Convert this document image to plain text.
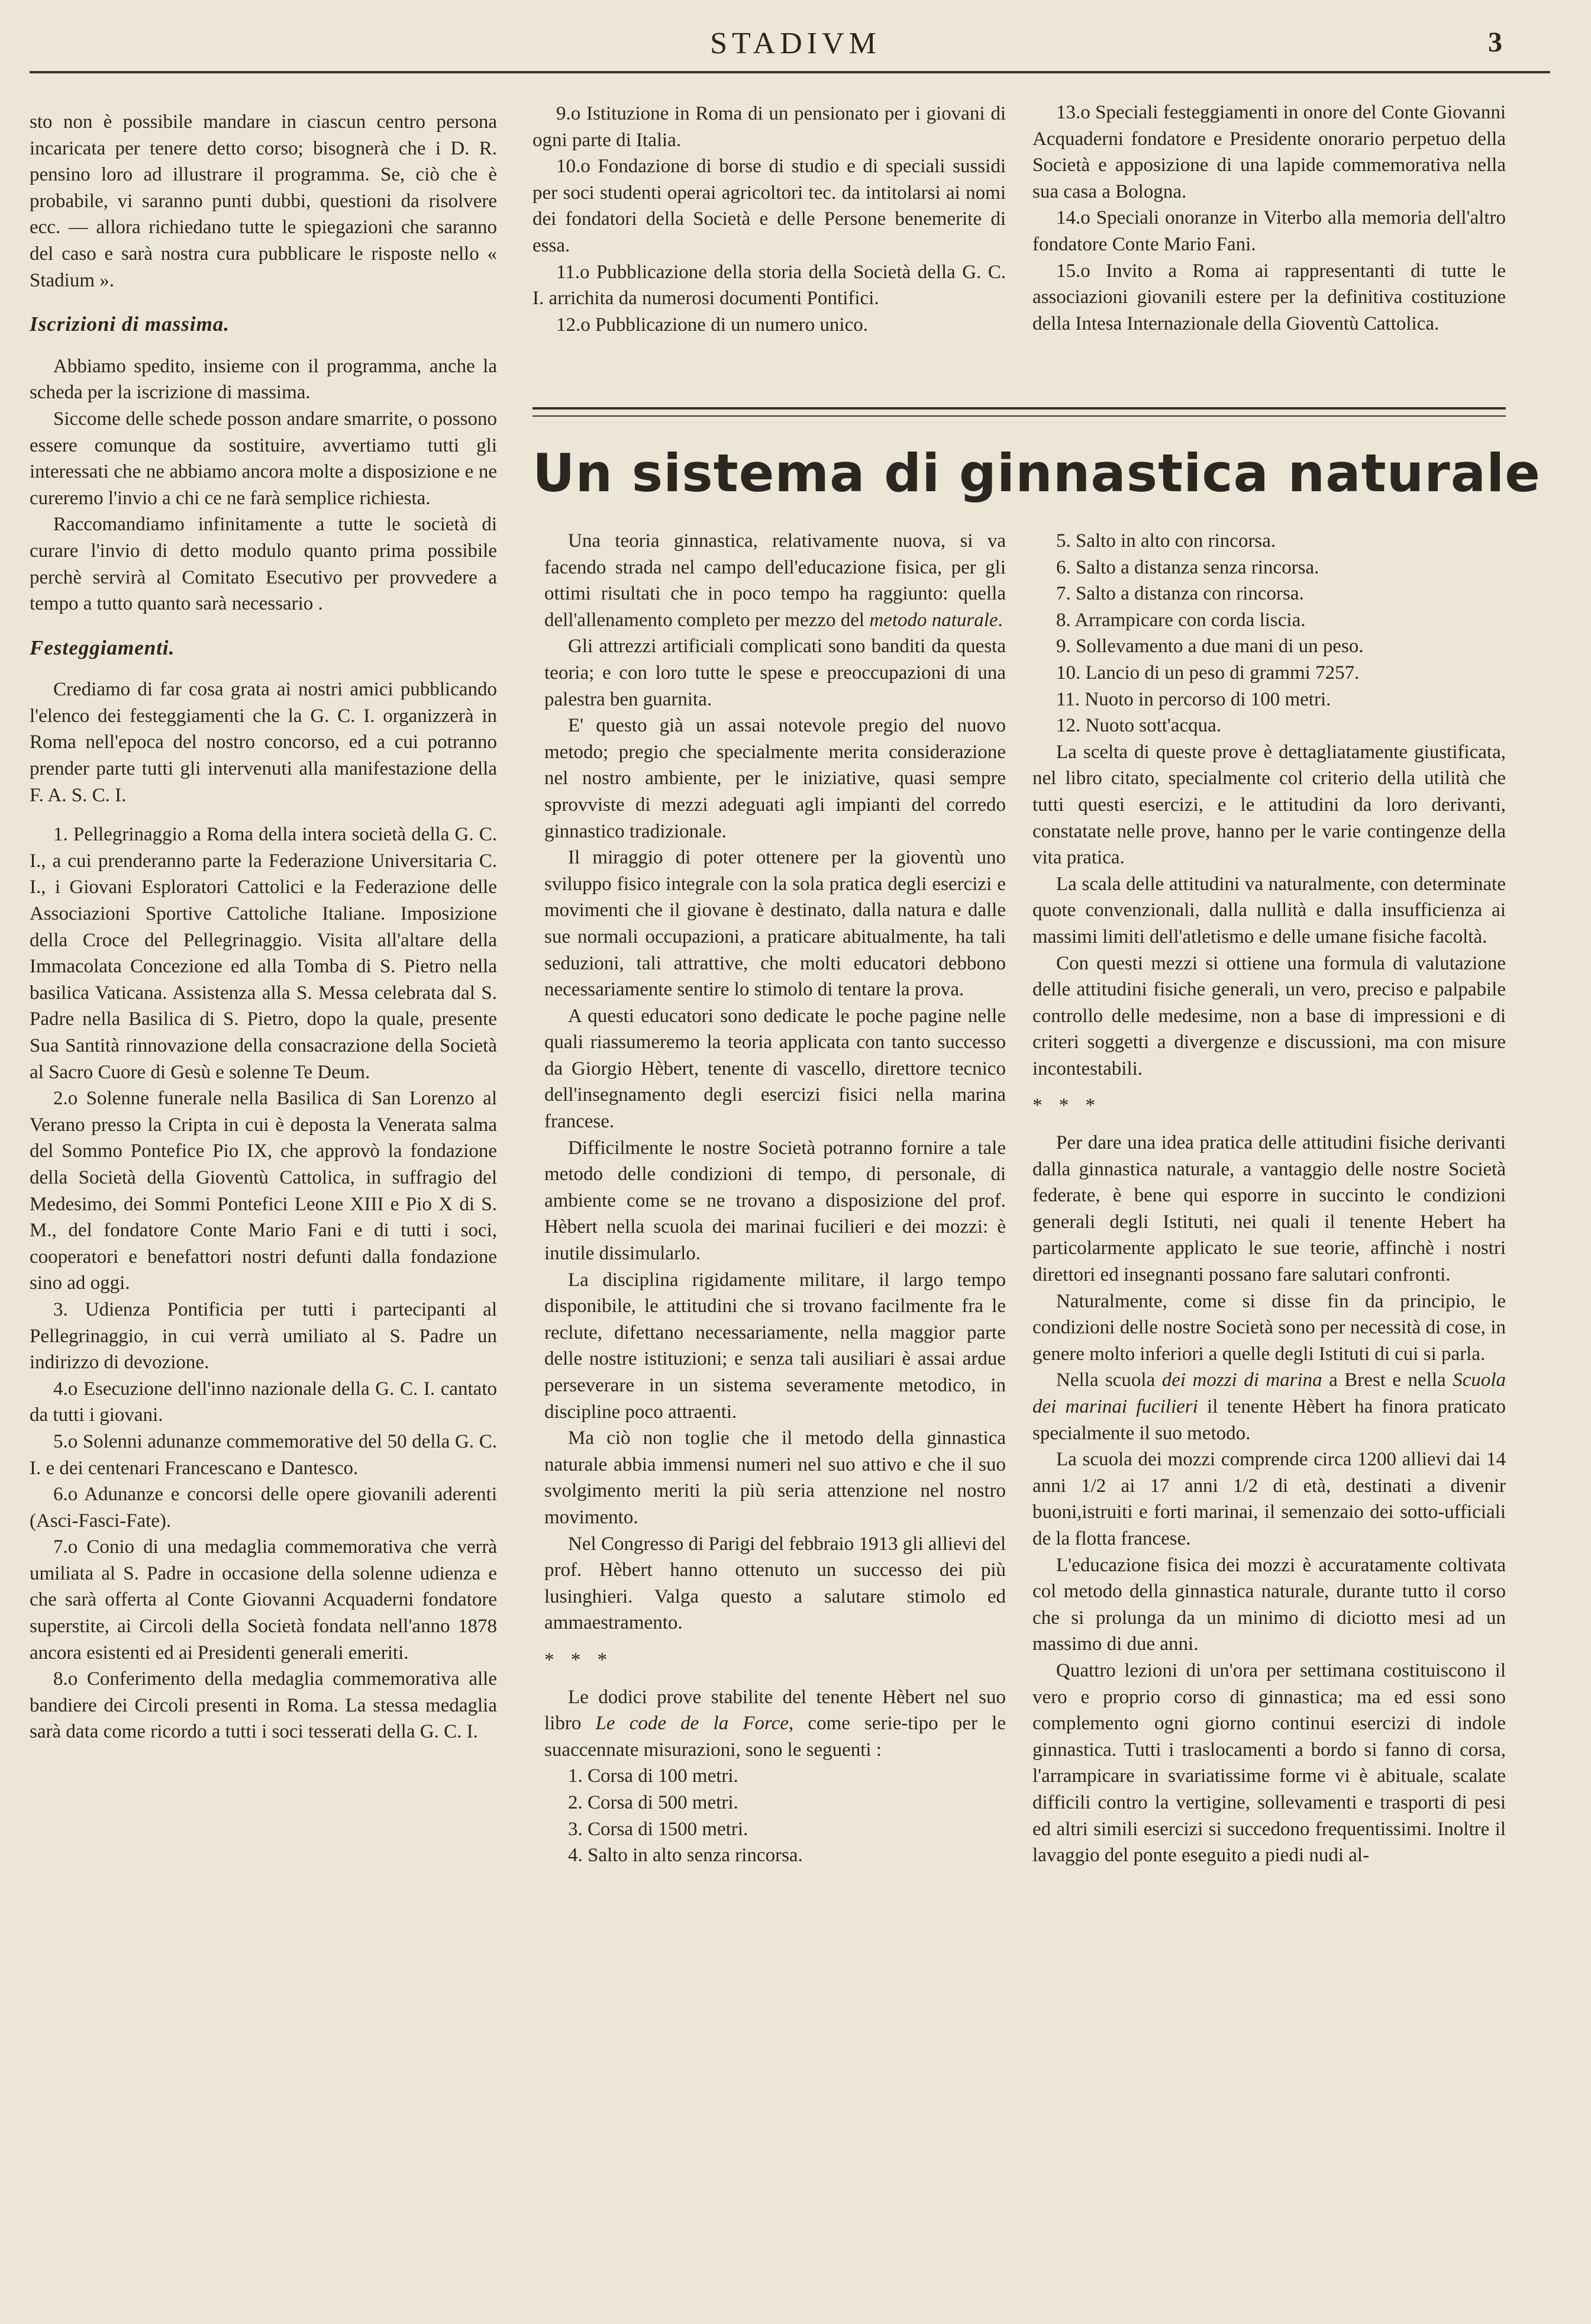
STADIVM	3

sto non è possibile mandare in ciascun centro persona incaricata per tenere detto corso; bisognerà che i D. R. pensino loro ad illustrare il programma. Se, ciò che è probabile, vi saranno punti dubbi, questioni da risolvere ecc. — allora richiedano tutte le spiegazioni che saranno del caso e sarà nostra cura pubblicare le risposte nello « Stadium ».

Iscrizioni di massima.

Abbiamo spedito, insieme con il programma, anche la scheda per la iscrizione di massima.

Siccome delle schede posson andare smarrite, o possono essere comunque da sostituire, avvertiamo tutti gli interessati che ne abbiamo ancora molte a disposizione e ne cureremo l'invio a chi ce ne farà semplice richiesta.

Raccomandiamo infinitamente a tutte le società di curare l'invio di detto modulo quanto prima possibile perchè servirà al Comitato Esecutivo per provvedere a tempo a tutto quanto sarà necessario .

Festeggiamenti.

Crediamo di far cosa grata ai nostri amici pubblicando l'elenco dei festeggiamenti che la G. C. I. organizzerà in Roma nell'epoca del nostro concorso, ed a cui potranno prender parte tutti gli intervenuti alla manifestazione della F. A. S. C. I.

1. Pellegrinaggio a Roma della intera società della G. C. I., a cui prenderanno parte la Federazione Universitaria C. I., i Giovani Esploratori Cattolici e la Federazione delle Associazioni Sportive Cattoliche Italiane. Imposizione della Croce del Pellegrinaggio. Visita all'altare della Immacolata Concezione ed alla Tomba di S. Pietro nella basilica Vaticana. Assistenza alla S. Messa celebrata dal S. Padre nella Basilica di S. Pietro, dopo la quale, presente Sua Santità rinnovazione della consacrazione della Società al Sacro Cuore di Gesù e solenne Te Deum.

2.o Solenne funerale nella Basilica di San Lorenzo al Verano presso la Cripta in cui è deposta la Venerata salma del Sommo Pontefice Pio IX, che approvò la fondazione della Società della Gioventù Cattolica, in suffragio del Medesimo, dei Sommi Pontefici Leone XIII e Pio X di S. M., del fondatore Conte Mario Fani e di tutti i soci, cooperatori e benefattori nostri defunti dalla fondazione sino ad oggi.

3. Udienza Pontificia per tutti i partecipanti al Pellegrinaggio, in cui verrà umiliato al S. Padre un indirizzo di devozione.

4.o Esecuzione dell'inno nazionale della G. C. I. cantato da tutti i giovani.

5.o Solenni adunanze commemorative del 50 della G. C. I. e dei centenari Francescano e Dantesco.

6.o Adunanze e concorsi delle opere giovanili aderenti (Asci-Fasci-Fate).

7.o Conio di una medaglia commemorativa che verrà umiliata al S. Padre in occasione della solenne udienza e che sarà offerta al Conte Giovanni Acquaderni fondatore superstite, ai Circoli della Società fondata nell'anno 1878 ancora esistenti ed ai Presidenti generali emeriti.

8.o Conferimento della medaglia commemorativa alle bandiere dei Circoli presenti in Roma. La stessa medaglia sarà data come ricordo a tutti i soci tesserati della G. C. I.

9.o Istituzione in Roma di un pensionato per i giovani di ogni parte di Italia.

10.o Fondazione di borse di studio e di speciali sussidi per soci studenti operai agricoltori tec. da intitolarsi ai nomi dei fondatori della Società e delle Persone benemerite di essa.

11.o Pubblicazione della storia della Società della G. C. I. arrichita da numerosi documenti Pontifici.

12.o Pubblicazione di un numero unico.

13.o Speciali festeggiamenti in onore del Conte Giovanni Acquaderni fondatore e Presidente onorario perpetuo della Società e apposizione di una lapide commemorativa nella sua casa a Bologna.

14.o Speciali onoranze in Viterbo alla memoria dell'altro fondatore Conte Mario Fani.

15.o Invito a Roma ai rappresentanti di tutte le associazioni giovanili estere per la definitiva costituzione della Intesa Internazionale della Gioventù Cattolica.

Un sistema di ginnastica naturale

Una teoria ginnastica, relativamente nuova, si va facendo strada nel campo dell'educazione fisica, per gli ottimi risultati che in poco tempo ha raggiunto: quella dell'allenamento completo per mezzo del metodo naturale.

Gli attrezzi artificiali complicati sono banditi da questa teoria; e con loro tutte le spese e preoccupazioni di una palestra ben guarnita.

E' questo già un assai notevole pregio del nuovo metodo; pregio che specialmente merita considerazione nel nostro ambiente, per le iniziative, quasi sempre sprovviste di mezzi adeguati agli impianti del corredo ginnastico tradizionale.

Il miraggio di poter ottenere per la gioventù uno sviluppo fisico integrale con la sola pratica degli esercizi e movimenti che il giovane è destinato, dalla natura e dalle sue normali occupazioni, a praticare abitualmente, ha tali seduzioni, tali attrattive, che molti educatori debbono necessariamente sentire lo stimolo di tentare la prova.

A questi educatori sono dedicate le poche pagine nelle quali riassumeremo la teoria applicata con tanto successo da Giorgio Hèbert, tenente di vascello, direttore tecnico dell'insegnamento degli esercizi fisici nella marina francese.

Difficilmente le nostre Società potranno fornire a tale metodo delle condizioni di tempo, di personale, di ambiente come se ne trovano a disposizione del prof. Hèbert nella scuola dei marinai fucilieri e dei mozzi: è inutile dissimularlo.

La disciplina rigidamente militare, il largo tempo disponibile, le attitudini che si trovano facilmente fra le reclute, difettano necessariamente, nella maggior parte delle nostre istituzioni; e senza tali ausiliari è assai ardue perseverare in un sistema severamente metodico, in discipline poco attraenti.

Ma ciò non toglie che il metodo della ginnastica naturale abbia immensi numeri nel suo attivo e che il suo svolgimento meriti la più seria attenzione nel nostro movimento.

Nel Congresso di Parigi del febbraio 1913 gli allievi del prof. Hèbert hanno ottenuto un successo dei più lusinghieri. Valga questo a salutare stimolo ed ammaestramento.

* * *

Le dodici prove stabilite del tenente Hèbert nel suo libro Le code de la Force, come serie-tipo per le suaccennate misurazioni, sono le seguenti :

1. Corsa di 100 metri.
2. Corsa di 500 metri.
3. Corsa di 1500 metri.
4. Salto in alto senza rincorsa.
5. Salto in alto con rincorsa.
6. Salto a distanza senza rincorsa.
7. Salto a distanza con rincorsa.
8. Arrampicare con corda liscia.
9. Sollevamento a due mani di un peso.
10. Lancio di un peso di grammi 7257.
11. Nuoto in percorso di 100 metri.
12. Nuoto sott'acqua.

La scelta di queste prove è dettagliatamente giustificata, nel libro citato, specialmente col criterio della utilità che tutti questi esercizi, e le attitudini da loro derivanti, constatate nelle prove, hanno per le varie contingenze della vita pratica.

La scala delle attitudini va naturalmente, con determinate quote convenzionali, dalla nullità e dalla insufficienza ai massimi limiti dell'atletismo e delle umane fisiche facoltà.

Con questi mezzi si ottiene una formula di valutazione delle attitudini fisiche generali, un vero, preciso e palpabile controllo delle medesime, non a base di impressioni e di criteri soggetti a divergenze e discussioni, ma con misure incontestabili.

* * *

Per dare una idea pratica delle attitudini fisiche derivanti dalla ginnastica naturale, a vantaggio delle nostre Società federate, è bene qui esporre in succinto le condizioni generali degli Istituti, nei quali il tenente Hebert ha particolarmente applicato le sue teorie, affinchè i nostri direttori ed insegnanti possano fare salutari confronti.

Naturalmente, come si disse fin da principio, le condizioni delle nostre Società sono per necessità di cose, in genere molto inferiori a quelle degli Istituti di cui si parla.

Nella scuola dei mozzi di marina a Brest e nella Scuola dei marinai fucilieri il tenente Hèbert ha finora praticato specialmente il suo metodo.

La scuola dei mozzi comprende circa 1200 allievi dai 14 anni 1/2 ai 17 anni 1/2 di età, destinati a divenir buoni,istruiti e forti marinai, il semenzaio dei sotto-ufficiali de la flotta francese.

L'educazione fisica dei mozzi è accuratamente coltivata col metodo della ginnastica naturale, durante tutto il corso che si prolunga da un minimo di diciotto mesi ad un massimo di due anni.

Quattro lezioni di un'ora per settimana costituiscono il vero e proprio corso di ginnastica; ma ed essi sono complemento ogni giorno continui esercizi di indole ginnastica. Tutti i traslocamenti a bordo si fanno di corsa, l'arrampicare in svariatissime forme vi è abituale, scalate difficili contro la vertigine, sollevamenti e trasporti di pesi ed altri simili esercizi si succedono frequentissimi. Inoltre il lavaggio del ponte eseguito a piedi nudi al-
